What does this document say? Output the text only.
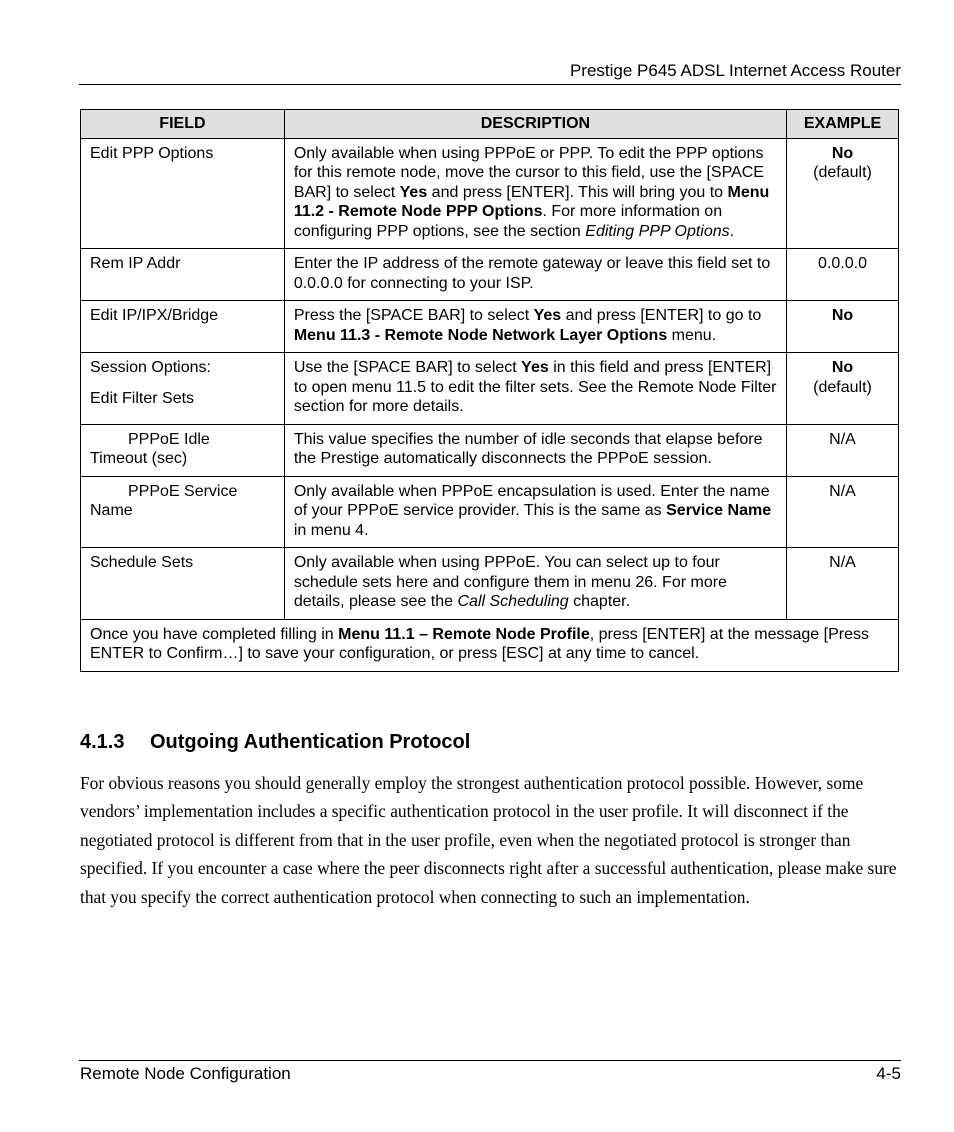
Prestige P645 ADSL Internet Access Router
FIELD	DESCRIPTION	EXAMPLE
Edit PPP Options	Only available when using PPPoE or PPP. To edit the PPP options for this remote node, move the cursor to this field, use the [SPACE BAR] to select Yes and press [ENTER]. This will bring you to Menu 11.2 - Remote Node PPP Options. For more information on configuring PPP options, see the section Editing PPP Options.	No
(default)
Rem IP Addr	Enter the IP address of the remote gateway or leave this field set to 0.0.0.0 for connecting to your ISP.	0.0.0.0
Edit IP/IPX/Bridge	Press the [SPACE BAR] to select Yes and press [ENTER] to go to Menu 11.3 - Remote Node Network Layer Options menu.	No
Session Options:
Edit Filter Sets	Use the [SPACE BAR] to select Yes in this field and press [ENTER] to open menu 11.5 to edit the filter sets. See the Remote Node Filter section for more details.	No
(default)
PPPoE Idle
Timeout (sec)	This value specifies the number of idle seconds that elapse before the Prestige automatically disconnects the PPPoE session.	N/A
PPPoE Service
Name	Only available when PPPoE encapsulation is used. Enter the name of your PPPoE service provider. This is the same as Service Name in menu 4.	N/A
Schedule Sets	Only available when using PPPoE. You can select up to four schedule sets here and configure them in menu 26. For more details, please see the Call Scheduling chapter.	N/A
Once you have completed filling in Menu 11.1 – Remote Node Profile, press [ENTER] at the message [Press ENTER to Confirm…] to save your configuration, or press [ESC] at any time to cancel.		
4.1.3 Outgoing Authentication Protocol
For obvious reasons you should generally employ the strongest authentication protocol possible. However, some vendors’ implementation includes a specific authentication protocol in the user profile. It will disconnect if the negotiated protocol is different from that in the user profile, even when the negotiated protocol is stronger than specified. If you encounter a case where the peer disconnects right after a successful authentication, please make sure that you specify the correct authentication protocol when connecting to such an implementation.
Remote Node Configuration	4-5
